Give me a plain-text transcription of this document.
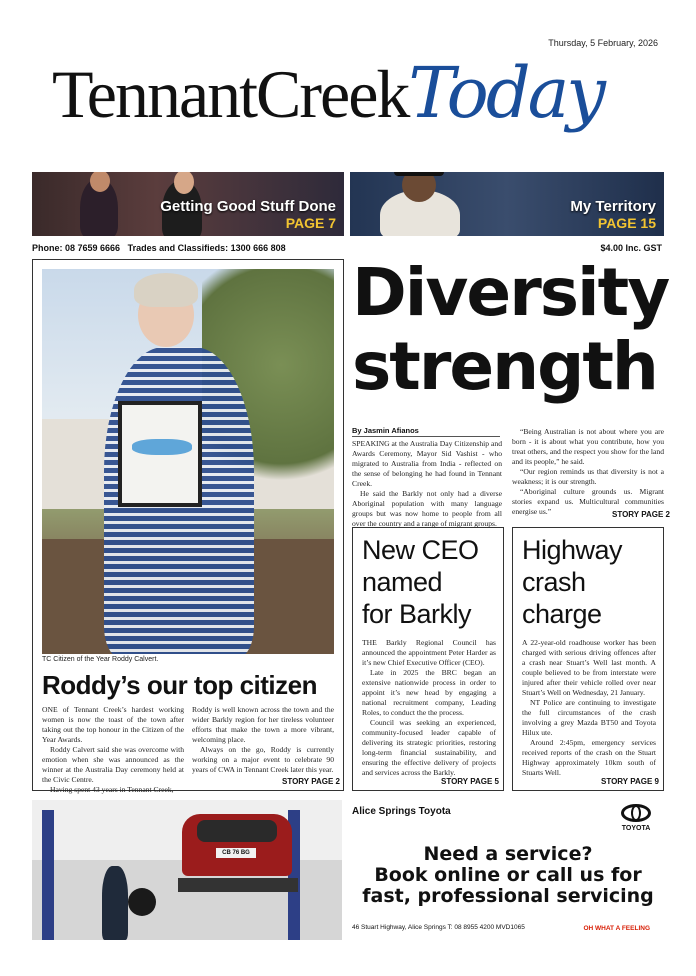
Thursday, 5 February, 2026
TennantCreekToday
Getting Good Stuff Done
PAGE 7
My Territory
PAGE 15
Phone: 08 7659 6666 Trades and Classifieds: 1300 666 808	$4.00 Inc. GST
TC Citizen of the Year Roddy Calvert.
Roddy’s our top citizen

ONE of Tennant Creek’s hardest working women is now the toast of the town after taking out the top honour in the Citizen of the Year Awards.

Roddy Calvert said she was overcome with emotion when she was announced as the winner at the Australia Day ceremony held at the Civic Centre.

Having spent 43 years in Tennant Creek,

Roddy is well known across the town and the wider Barkly region for her tireless volunteer efforts that make the town a more vibrant, welcoming place.

Always on the go, Roddy is currently working on a major event to celebrate 90 years of CWA in Tennant Creek later this year.

STORY PAGE 2
Diversity
strength
By Jasmin Afianos

SPEAKING at the Australia Day Citizenship and Awards Ceremony, Mayor Sid Vashist - who migrated to Australia from India - reflected on the sense of belonging he had found in Tennant Creek.

He said the Barkly not only had a diverse Aboriginal population with many language groups but was now home to people from all over the country and a range of migrant groups.

“Being Australian is not about where you are born - it is about what you contribute, how you treat others, and the respect you show for the land and its people,” he said.

“Our region reminds us that diversity is not a weakness; it is our strength.

“Aboriginal culture grounds us. Migrant stories expand us. Multicultural communities energise us.”	STORY PAGE 2
New CEO
named
for Barkly

THE Barkly Regional Council has announced the appointment Peter Harder as it’s new Chief Executive Officer (CEO).

Late in 2025 the BRC began an extensive nationwide process in order to appoint it’s new head by engaging a national recruitment company, Leading Roles, to conduct the the process.

Council was seeking an experienced, community-focused leader capable of delivering its strategic priorities, restoring long-term financial sustainability, and ensuring the effective delivery of projects and services across the Barkly.

STORY PAGE 5
Highway
crash
charge

A 22-year-old roadhouse worker has been charged with serious driving offences after a crash near Stuart’s Well last month. A couple believed to be from interstate were injured after their vehicle rolled over near Stuart’s Well on Wednesday, 21 January.

NT Police are continuing to investigate the full circumstances of the crash involving a grey Mazda BT50 and Toyota Hilux ute.

Around 2:45pm, emergency services received reports of the crash on the Stuart Highway approximately 10km south of Stuarts Well.

STORY PAGE 9
CB 76 BG
Alice Springs Toyota
TOYOTA
Need a service?
Book online or call us for
fast, professional servicing
46 Stuart Highway, Alice Springs T: 08 8955 4200 MVD1065	OH WHAT A FEELING
